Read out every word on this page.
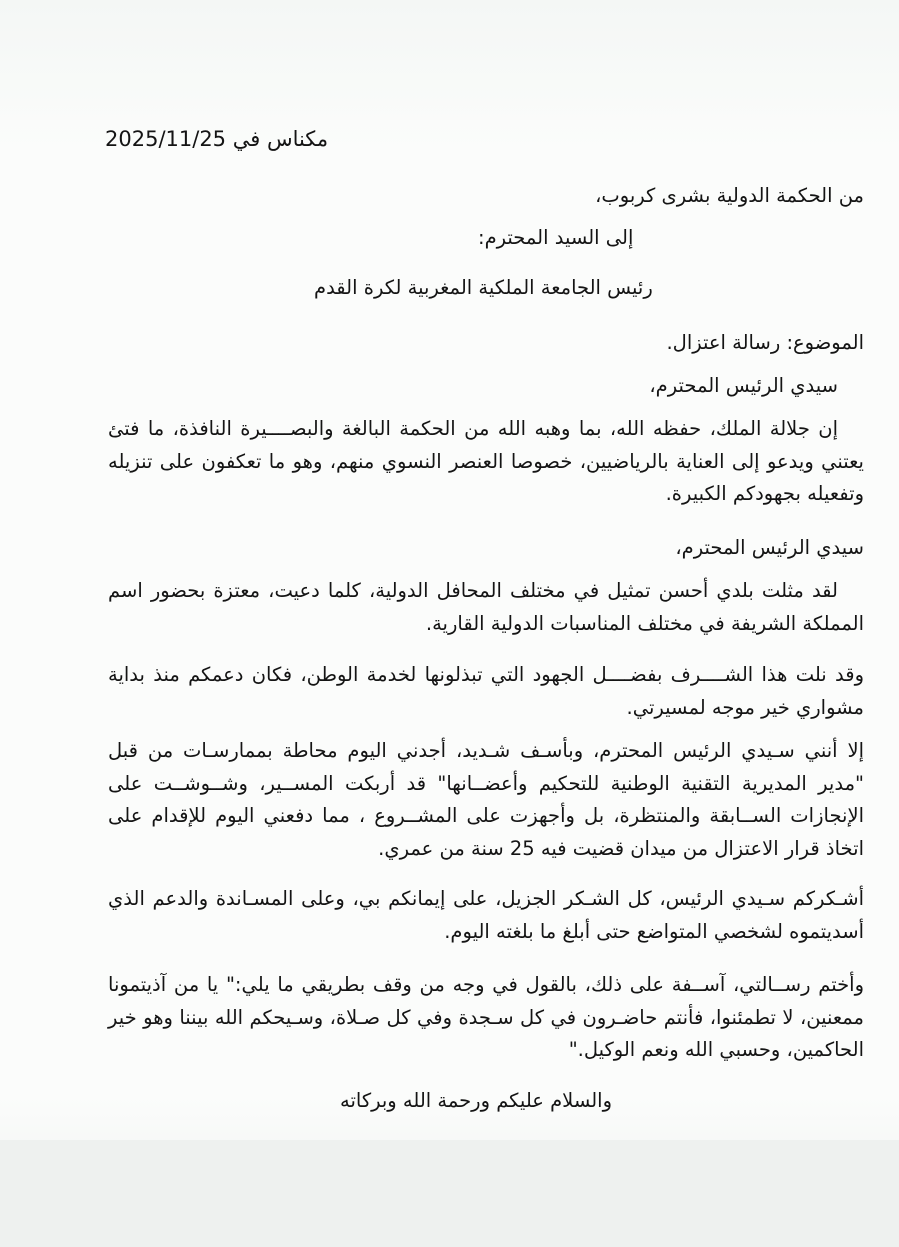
مكناس في 2025/11/25
من الحكمة الدولية بشرى كربوب،
الموضوع: رسالة اعتزال.
سيدي الرئيس المحترم،
إن جلالة الملك، حفظه الله، بما وهبه الله من الحكمة البالغة والبصــــيرة النافذة، ما فتئ يعتني ويدعو إلى العناية بالرياضيين، خصوصا العنصر النسوي منهم، وهو ما تعكفون على تنزيله وتفعيله بجهودكم الكبيرة.
سيدي الرئيس المحترم،
لقد مثلت بلدي أحسن تمثيل في مختلف المحافل الدولية، كلما دعيت، معتزة بحضور اسم المملكة الشريفة في مختلف المناسبات الدولية القارية.
وقد نلت هذا الشــــرف بفضــــل الجهود التي تبذلونها لخدمة الوطن، فكان دعمكم منذ بداية مشواري خير موجه لمسيرتي.
إلا أنني سـيدي الرئيس المحترم، وبأسـف شـديد، أجدني اليوم محاطة بممارسـات من قبل "مدير المديرية التقنية الوطنية للتحكيم وأعضــانها" قد أربكت المســير، وشــوشــت على الإنجازات الســابقة والمنتظرة، بل وأجهزت على المشــروع ، مما دفعني اليوم للإقدام على اتخاذ قرار الاعتزال من ميدان قضيت فيه 25 سنة من عمري.
أشـكركم سـيدي الرئيس، كل الشـكر الجزيل، على إيمانكم بي، وعلى المسـاندة والدعم الذي أسديتموه لشخصي المتواضع حتى أبلغ ما بلغته اليوم.
وأختم رســالتي، آســفة على ذلك، بالقول في وجه من وقف بطريقي ما يلي:" يا من آذيتمونا ممعنين، لا تطمئنوا، فأنتم حاضـرون في كل سـجدة وفي كل صـلاة، وسـيحكم الله بيننا وهو خير الحاكمين، وحسبي الله ونعم الوكيل."
إلى السيد المحترم:
رئيس الجامعة الملكية المغربية لكرة القدم
والسلام عليكم ورحمة الله وبركاته
